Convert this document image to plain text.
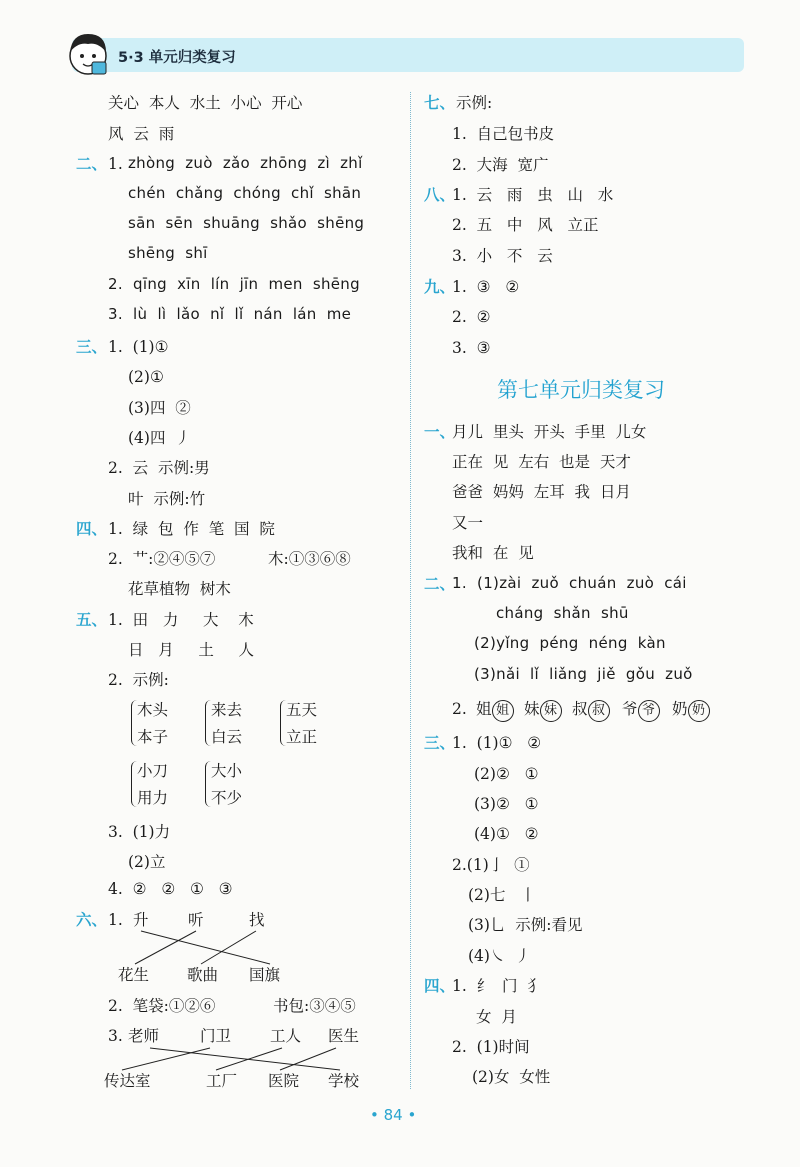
5·3 单元归类复习
关心  本人  水土  小心  开心
风  云  雨
二、 1. zhòng  zuò  zǎo  zhōng  zì  zhǐ
chén  chǎng  chóng  chǐ  shān
sān  sēn  shuāng  shǎo  shēng
shēng  shī
2.  qīng  xīn  lín  jīn  men  shēng
3.  lù  lì  lǎo  nǐ  lǐ  nán  lán  me
三、 1.  (1)①
(2)①
(3)四  ②
(4)四  丿
2.  云  示例:男
叶  示例:竹
四、 1.  绿  包  作  笔  国  院
2.  艹:②④⑤⑦	木:①③⑥⑧
花草植物  树木
五、 1.  田   力     大    木
日   月     土     人
2.  示例:
木头
本子
来去
白云
五天
立正
小刀
用力
大小
不少
3.  (1)力
(2)立
4.  ②   ②   ①   ③
六、 1. 升	听	找
花生 歌曲 国旗
2.  笔袋:①②⑥	书包:③④⑤
3. 老师	门卫	工人 医生
传达室	工厂 医院 学校
七、 示例:
1.  自己包书皮
2.  大海  宽广
八、
1.  云   雨   虫   山   水
2.  五   中   风   立正
3.  小   不   云
九、
1.  ③   ②
2.  ②
3.  ③
第七单元归类复习
一、
月儿  里头  开头  手里  儿女
正在  见  左右  也是  天才
爸爸  妈妈  左耳  我  日月
又一
我和  在  见
二、
1.  (1)zài  zuǒ  chuán  zuò  cái
cháng  shǎn  shū
(2)yǐng  péng  néng  kàn
(3)nǎi  lǐ  liǎng  jiě  gǒu  zuǒ
2. 姐 姐 妹 妹 叔 叔	爷 爷	奶 奶
三、
1.  (1)①   ②
(2)②   ①
(3)②   ①
(4)①   ②
2.(1)亅  ①
(2)七   丨
(3)乚  示例:看见
(4)㇏  丿
四、
1.  纟  门  犭
女  月
2.  (1)时间
(2)女  女性
• 84 •
